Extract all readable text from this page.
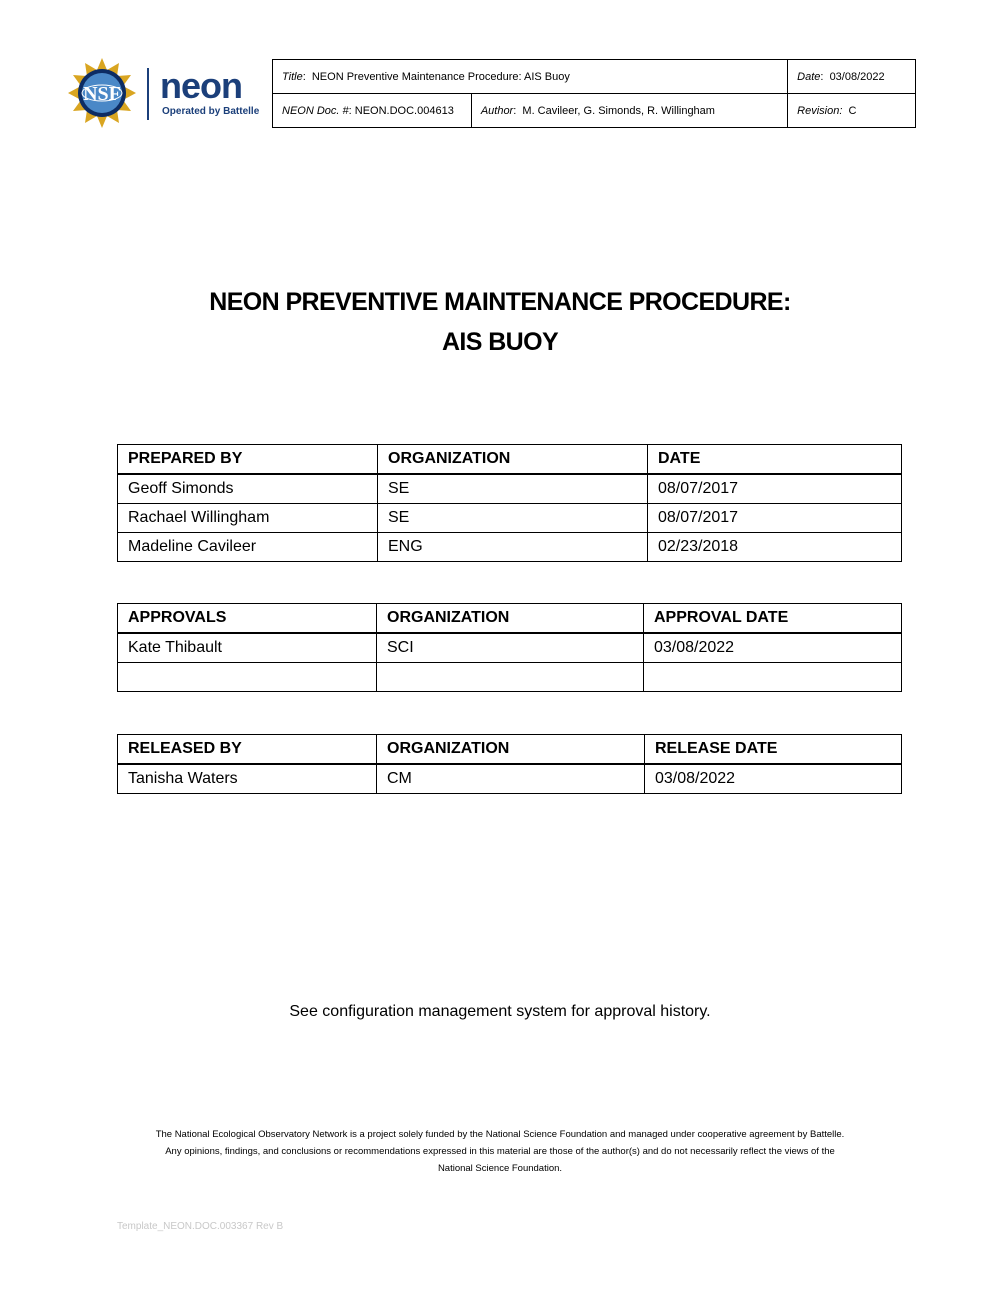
NSF neon
Operated by Battelle
Title:  NEON Preventive Maintenance Procedure: AIS Buoy		Date:  03/08/2022
NEON Doc. #: NEON.DOC.004613	Author:  M. Cavileer, G. Simonds, R. Willingham	Revision: C
NEON PREVENTIVE MAINTENANCE PROCEDURE:
AIS BUOY
PREPARED BY	ORGANIZATION	DATE
Geoff Simonds	SE	08/07/2017
Rachael Willingham	SE	08/07/2017
Madeline Cavileer	ENG	02/23/2018
APPROVALS	ORGANIZATION	APPROVAL DATE
Kate Thibault	SCI	03/08/2022

RELEASED BY	ORGANIZATION	RELEASE DATE
Tanisha Waters	CM	03/08/2022
See configuration management system for approval history.
The National Ecological Observatory Network is a project solely funded by the National Science Foundation and managed under cooperative agreement by Battelle.
Any opinions, findings, and conclusions or recommendations expressed in this material are those of the author(s) and do not necessarily reflect the views of the
National Science Foundation.
Template_NEON.DOC.003367 Rev B
